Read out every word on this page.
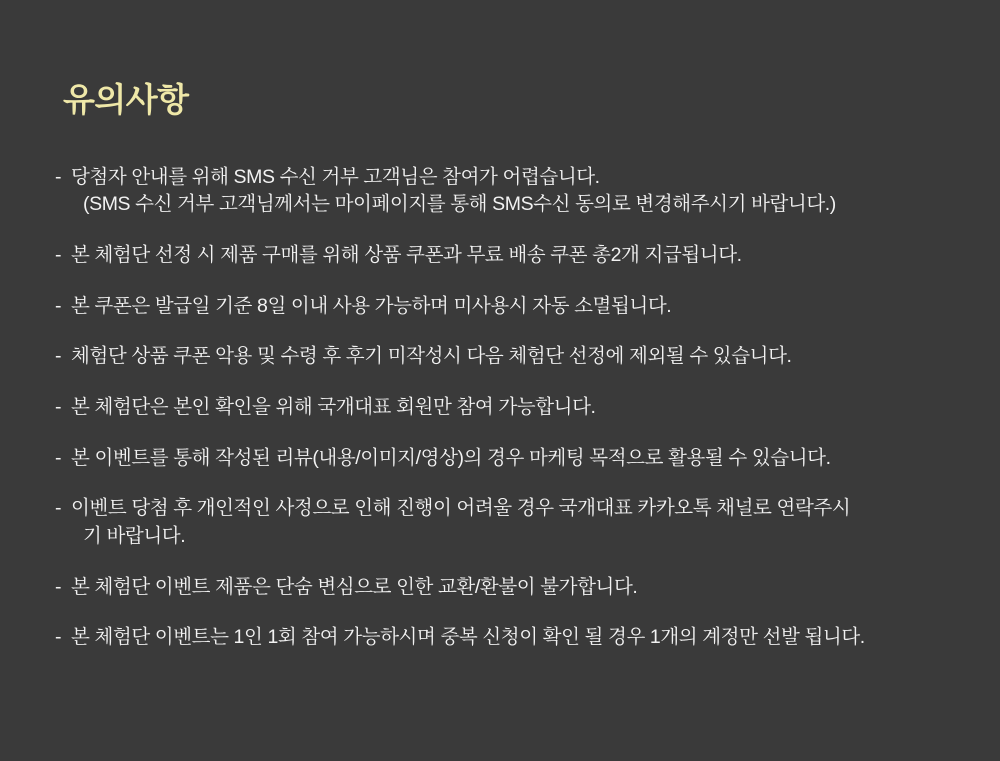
유의사항
- 당첨자 안내를 위해 SMS 수신 거부 고객님은 참여가 어렵습니다.
(SMS 수신 거부 고객님께서는 마이페이지를 통해 SMS수신 동의로 변경해주시기 바랍니다.)
- 본 체험단 선정 시 제품 구매를 위해 상품 쿠폰과 무료 배송 쿠폰 총2개 지급됩니다.
- 본 쿠폰은 발급일 기준 8일 이내 사용 가능하며 미사용시 자동 소멸됩니다.
- 체험단 상품 쿠폰 악용 및 수령 후 후기 미작성시 다음 체험단 선정에 제외될 수 있습니다.
- 본 체험단은 본인 확인을 위해 국개대표 회원만 참여 가능합니다.
- 본 이벤트를 통해 작성된 리뷰(내용/이미지/영상)의 경우 마케팅 목적으로 활용될 수 있습니다.
- 이벤트 당첨 후 개인적인 사정으로 인해 진행이 어려울 경우 국개대표 카카오톡 채널로 연락주시
기 바랍니다.
- 본 체험단 이벤트 제품은 단숨 변심으로 인한 교환/환불이 불가합니다.
- 본 체험단 이벤트는 1인 1회 참여 가능하시며 중복 신청이 확인 될 경우 1개의 계정만 선발 됩니다.
